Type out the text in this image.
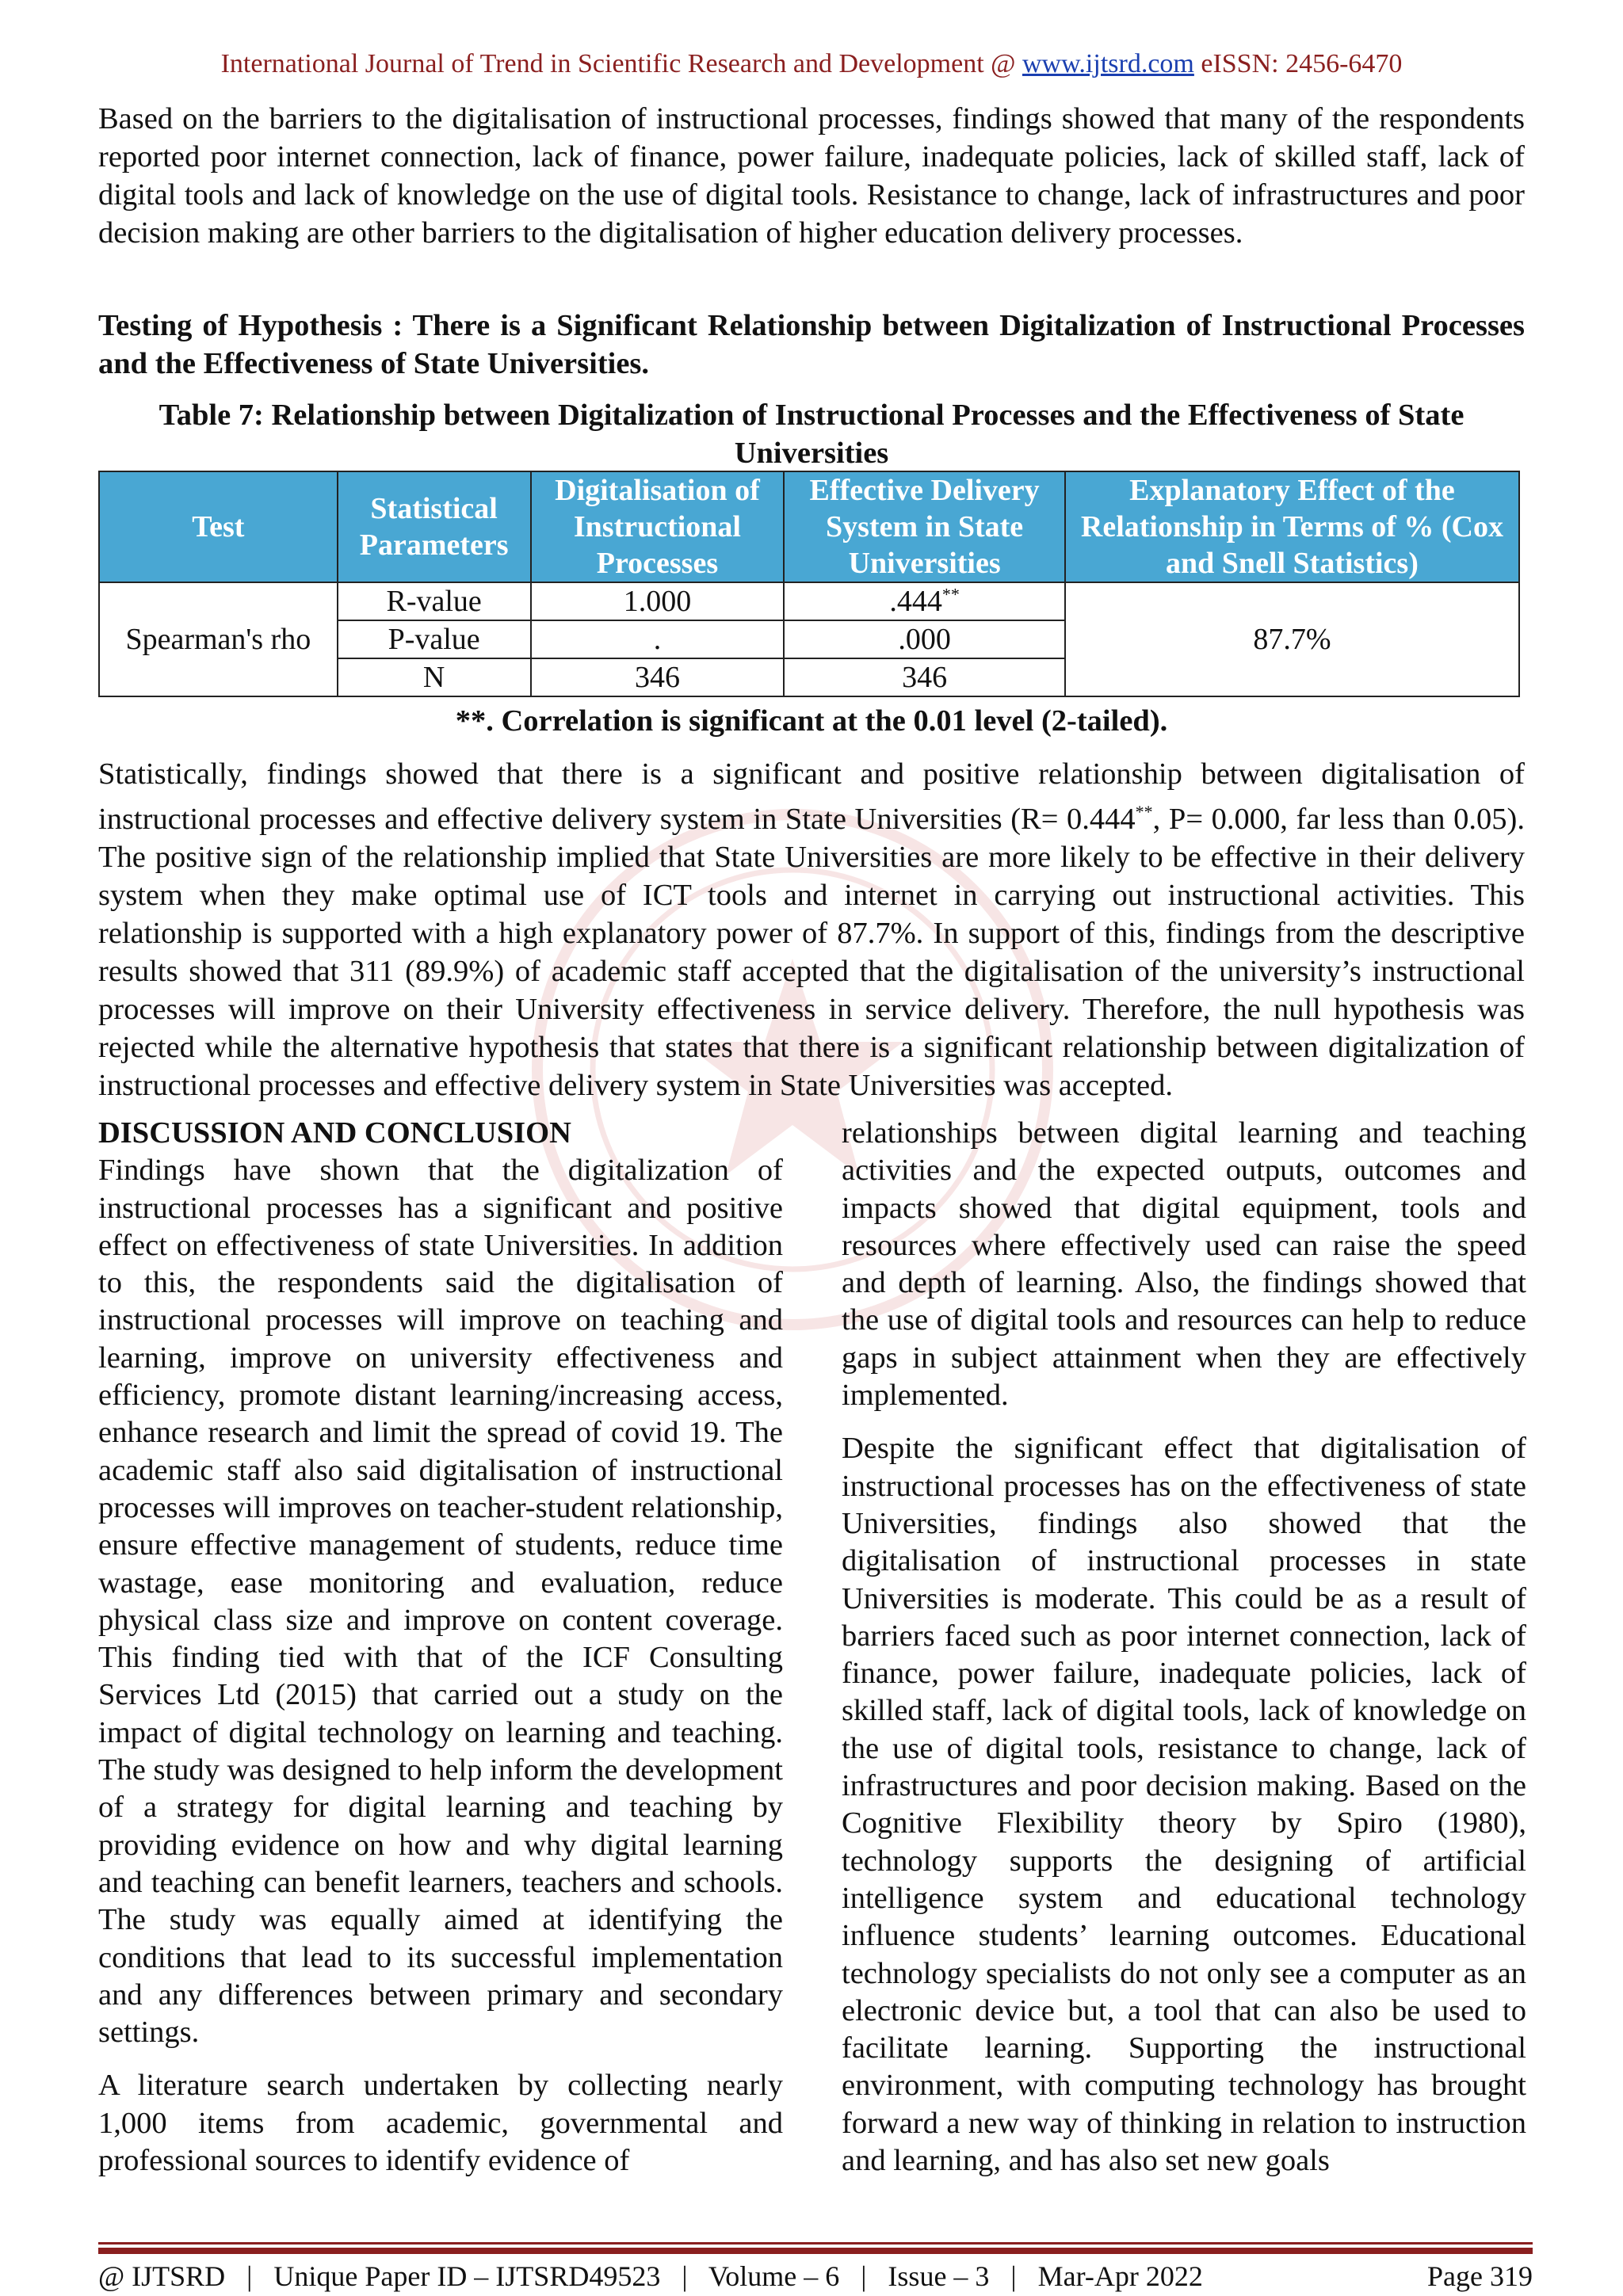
International Journal of Trend in Scientific Research and Development @ www.ijtsrd.com eISSN: 2456-6470

Based on the barriers to the digitalisation of instructional processes, findings showed that many of the respondents reported poor internet connection, lack of finance, power failure, inadequate policies, lack of skilled staff, lack of digital tools and lack of knowledge on the use of digital tools. Resistance to change, lack of infrastructures and poor decision making are other barriers to the digitalisation of higher education delivery processes.

Testing of Hypothesis : There is a Significant Relationship between Digitalization of Instructional Processes and the Effectiveness of State Universities.

Table 7: Relationship between Digitalization of Instructional Processes and the Effectiveness of State Universities
Test	Statistical Parameters	Digitalisation of Instructional Processes	Effective Delivery System in State Universities	Explanatory Effect of the Relationship in Terms of % (Cox and Snell Statistics)
Spearman's rho	R-value	1.000	.444**	87.7%
	P-value	.	.000	
	N	346	346	
**. Correlation is significant at the 0.01 level (2-tailed).

Statistically, findings showed that there is a significant and positive relationship between digitalisation of instructional processes and effective delivery system in State Universities (R= 0.444**, P= 0.000, far less than 0.05). The positive sign of the relationship implied that State Universities are more likely to be effective in their delivery system when they make optimal use of ICT tools and internet in carrying out instructional activities. This relationship is supported with a high explanatory power of 87.7%. In support of this, findings from the descriptive results showed that 311 (89.9%) of academic staff accepted that the digitalisation of the university’s instructional processes will improve on their University effectiveness in service delivery. Therefore, the null hypothesis was rejected while the alternative hypothesis that states that there is a significant relationship between digitalization of instructional processes and effective delivery system in State Universities was accepted.

DISCUSSION AND CONCLUSION

Findings have shown that the digitalization of instructional processes has a significant and positive effect on effectiveness of state Universities. In addition to this, the respondents said the digitalisation of instructional processes will improve on teaching and learning, improve on university effectiveness and efficiency, promote distant learning/increasing access, enhance research and limit the spread of covid 19. The academic staff also said digitalisation of instructional processes will improves on teacher-student relationship, ensure effective management of students, reduce time wastage, ease monitoring and evaluation, reduce physical class size and improve on content coverage. This finding tied with that of the ICF Consulting Services Ltd (2015) that carried out a study on the impact of digital technology on learning and teaching. The study was designed to help inform the development of a strategy for digital learning and teaching by providing evidence on how and why digital learning and teaching can benefit learners, teachers and schools. The study was equally aimed at identifying the conditions that lead to its successful implementation and any differences between primary and secondary settings.

A literature search undertaken by collecting nearly 1,000 items from academic, governmental and professional sources to identify evidence of

relationships between digital learning and teaching activities and the expected outputs, outcomes and impacts showed that digital equipment, tools and resources where effectively used can raise the speed and depth of learning. Also, the findings showed that the use of digital tools and resources can help to reduce gaps in subject attainment when they are effectively implemented.

Despite the significant effect that digitalisation of instructional processes has on the effectiveness of state Universities, findings also showed that the digitalisation of instructional processes in state Universities is moderate. This could be as a result of barriers faced such as poor internet connection, lack of finance, power failure, inadequate policies, lack of skilled staff, lack of digital tools, lack of knowledge on the use of digital tools, resistance to change, lack of infrastructures and poor decision making. Based on the Cognitive Flexibility theory by Spiro (1980), technology supports the designing of artificial intelligence system and educational technology influence students’ learning outcomes. Educational technology specialists do not only see a computer as an electronic device but, a tool that can also be used to facilitate learning. Supporting the instructional environment, with computing technology has brought forward a new way of thinking in relation to instruction and learning, and has also set new goals

@ IJTSRD   |   Unique Paper ID – IJTSRD49523   |   Volume – 6   |   Issue – 3   |   Mar-Apr 2022	Page 319
